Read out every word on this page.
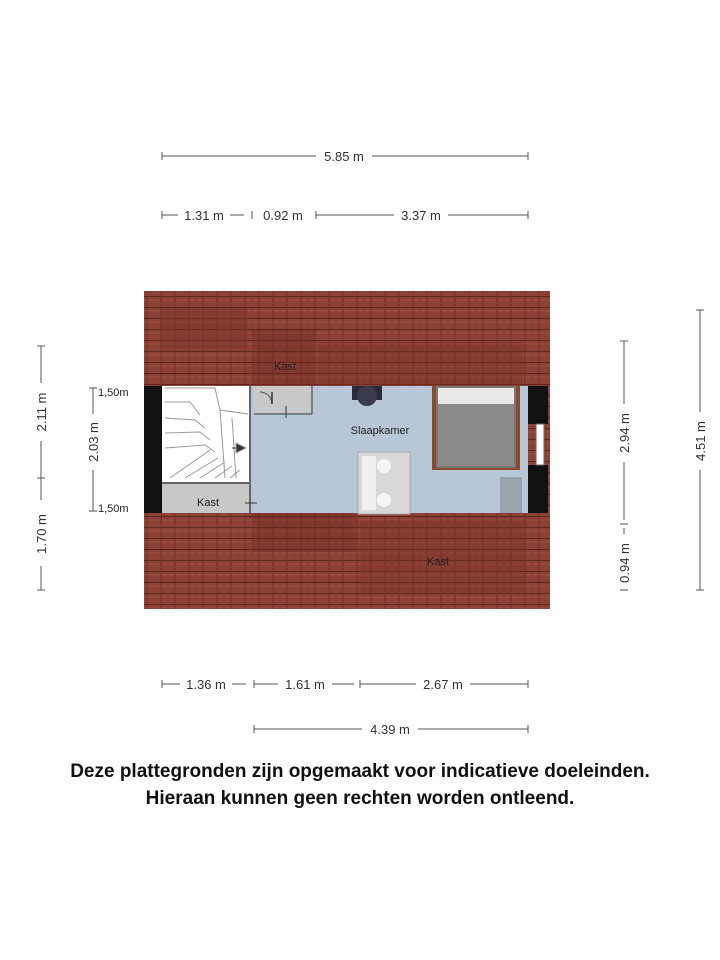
Slaapkamer
Kast
Kast
Kast
1,50m
1,50m
5.85 m
1.31 m	0.92 m	3.37 m
1.36 m	1.61 m	2.67 m
4.39 m
2.11 m
1.70 m
2.03 m	2.94 m
0.94 m
4.51 m
Deze plattegronden zijn opgemaakt voor indicatieve doeleinden.
Hieraan kunnen geen rechten worden ontleend.
